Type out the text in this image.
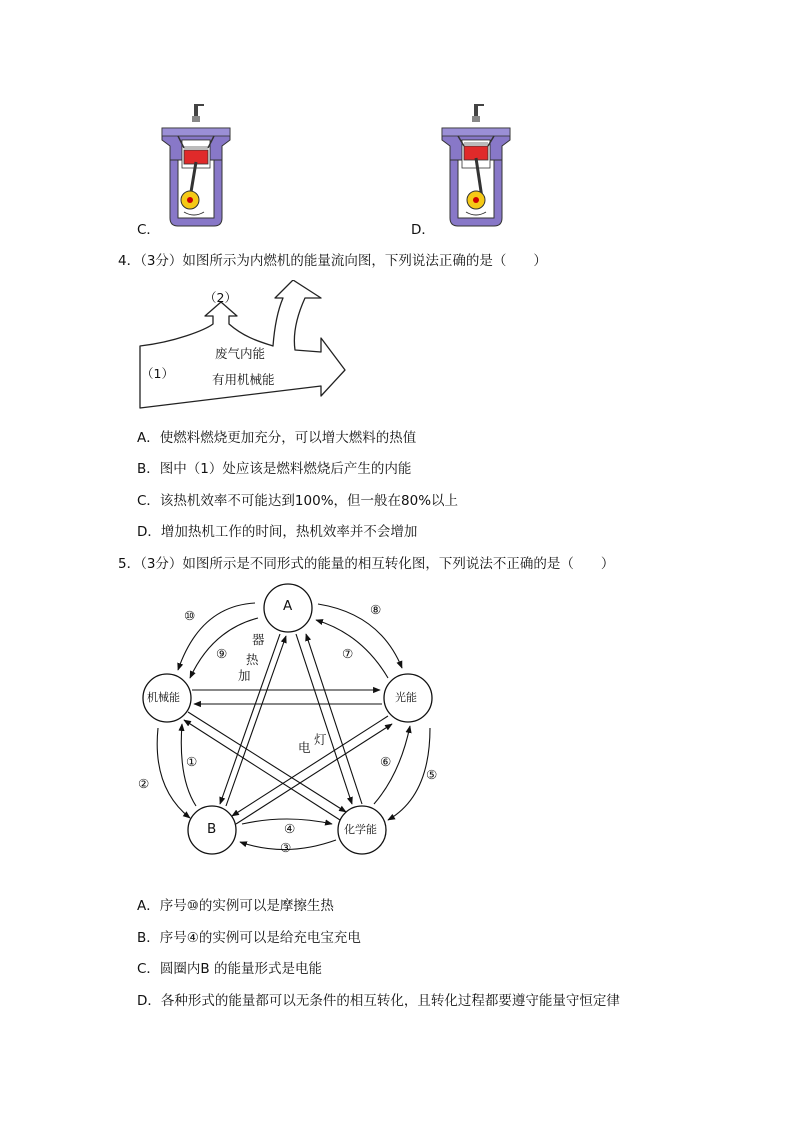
C．	D．
4．（3分）如图所示为内燃机的能量流向图，下列说法正确的是（　　）
（2）
废气内能
（1）	有用机械能
A．使燃料燃烧更加充分，可以增大燃料的热值
B．图中（1）处应该是燃料燃烧后产生的内能
C．该热机效率不可能达到100%，但一般在80%以上
D．增加热机工作的时间，热机效率并不会增加
5．（3分）如图所示是不同形式的能量的相互转化图，下列说法不正确的是（　　）
A
机械能	光能
B	化学能
⑩
⑨
⑧
⑦
②
①	⑥
⑤
④
③
器
热
加
灯
电
A．序号⑩的实例可以是摩擦生热
B．序号④的实例可以是给充电宝充电
C．圆圈内B 的能量形式是电能
D．各种形式的能量都可以无条件的相互转化，且转化过程都要遵守能量守恒定律
